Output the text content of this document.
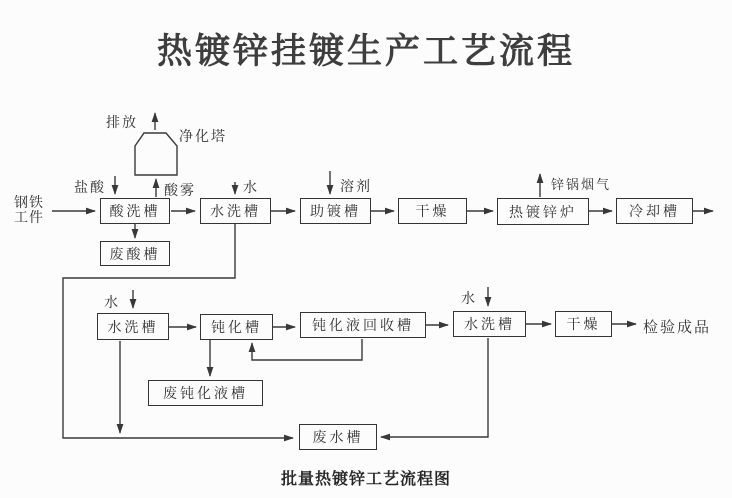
热镀锌挂镀生产工艺流程
酸洗槽
废酸槽
水洗槽	助镀槽	干燥	热镀锌炉	冷却槽
水洗槽	钝化槽	钝化液回收槽
废钝化液槽
水洗槽	干燥
废水槽
钢铁
工件
盐酸	酸雾
排放
净化塔
水	溶剂	锌锅烟气
水	水
检验成品
批量热镀锌工艺流程图
